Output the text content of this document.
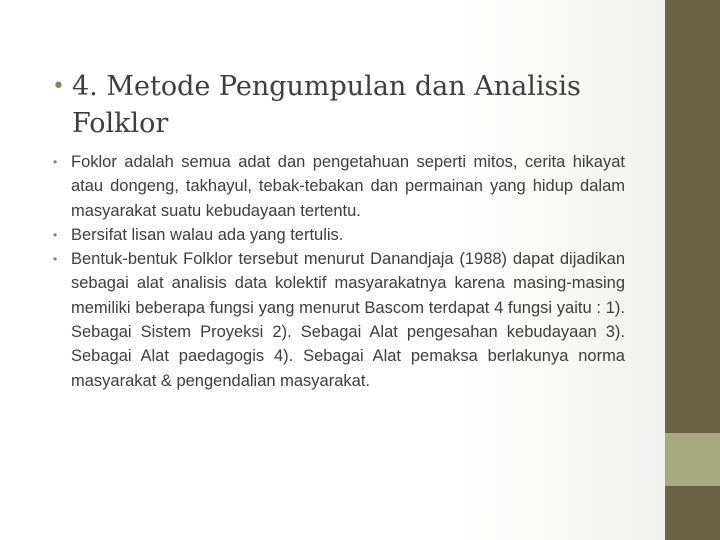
• 4. Metode Pengumpulan dan Analisis Folklor
• Foklor adalah semua adat dan pengetahuan seperti mitos, cerita hikayat atau dongeng, takhayul, tebak-tebakan dan permainan yang hidup dalam masyarakat suatu kebudayaan tertentu.
• Bersifat lisan walau ada yang tertulis.
• Bentuk-bentuk Folklor tersebut menurut Danandjaja (1988) dapat dijadikan sebagai alat analisis data kolektif masyarakatnya karena masing-masing memiliki beberapa fungsi yang menurut Bascom terdapat 4 fungsi yaitu : 1). Sebagai Sistem Proyeksi 2). Sebagai Alat pengesahan kebudayaan 3). Sebagai Alat paedagogis 4). Sebagai Alat pemaksa berlakunya norma masyarakat & pengendalian masyarakat.
